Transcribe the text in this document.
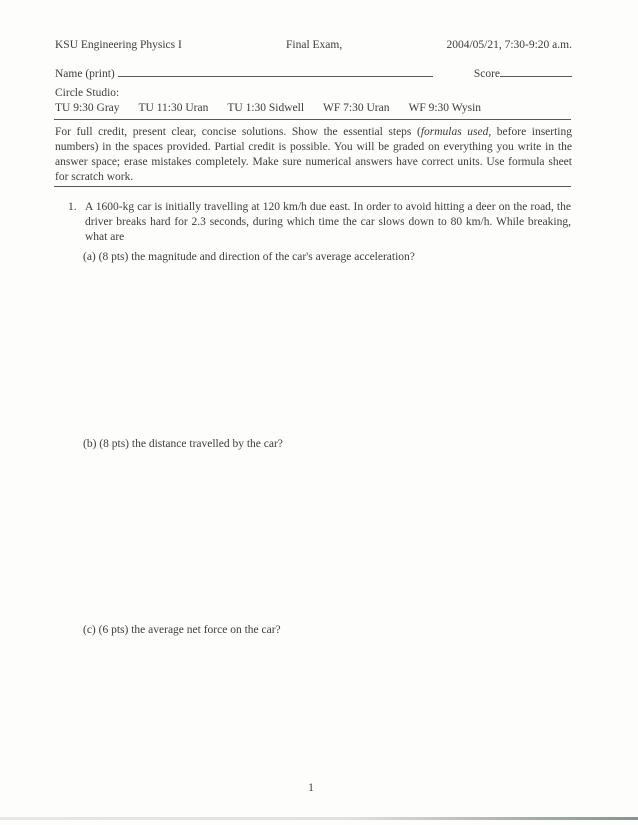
KSU Engineering Physics I	Final Exam,	2004/05/21, 7:30-9:20 a.m.
Name (print)	Score
Circle Studio:
TU 9:30 Gray TU 11:30 Uran TU 1:30 Sidwell WF 7:30 Uran WF 9:30 Wysin
For full credit, present clear, concise solutions. Show the essential steps (formulas used, before inserting numbers) in the spaces provided. Partial credit is possible. You will be graded on everything you write in the answer space; erase mistakes completely. Make sure numerical answers have correct units. Use formula sheet for scratch work.
1. A 1600-kg car is initially travelling at 120 km/h due east. In order to avoid hitting a deer on the road, the driver breaks hard for 2.3 seconds, during which time the car slows down to 80 km/h. While breaking, what are
(a) (8 pts) the magnitude and direction of the car's average acceleration?
(b) (8 pts) the distance travelled by the car?
(c) (6 pts) the average net force on the car?
1
